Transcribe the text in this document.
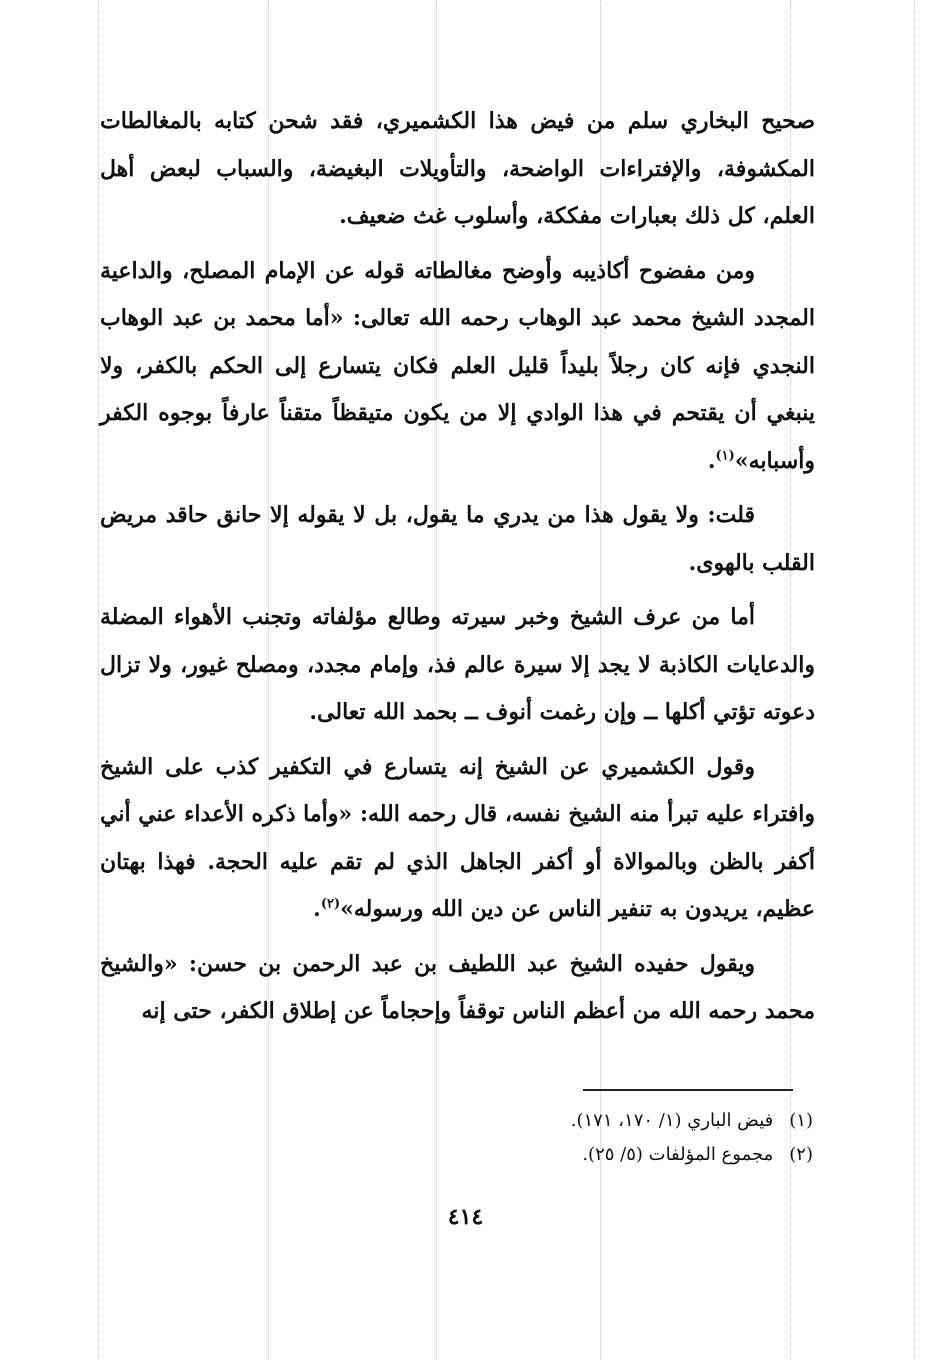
صحيح البخاري سلم من فيض هذا الكشميري، فقد شحن كتابه بالمغالطات المكشوفة، والإفتراءات الواضحة، والتأويلات البغيضة، والسباب لبعض أهل العلم، كل ذلك بعبارات مفككة، وأسلوب غث ضعيف.

ومن مفضوح أكاذيبه وأوضح مغالطاته قوله عن الإمام المصلح، والداعية المجدد الشيخ محمد عبد الوهاب رحمه الله تعالى: «أما محمد بن عبد الوهاب النجدي فإنه كان رجلاً بليداً قليل العلم فكان يتسارع إلى الحكم بالكفر، ولا ينبغي أن يقتحم في هذا الوادي إلا من يكون متيقظاً متقناً عارفاً بوجوه الكفر وأسبابه»$^{(١)}$.

قلت: ولا يقول هذا من يدري ما يقول، بل لا يقوله إلا حانق حاقد مريض القلب بالهوى.

أما من عرف الشيخ وخبر سيرته وطالع مؤلفاته وتجنب الأهواء المضلة والدعايات الكاذبة لا يجد إلا سيرة عالم فذ، وإمام مجدد، ومصلح غيور، ولا تزال دعوته تؤتي أكلها ــ وإن رغمت أنوف ــ بحمد الله تعالى.

وقول الكشميري عن الشيخ إنه يتسارع في التكفير كذب على الشيخ وافتراء عليه تبرأ منه الشيخ نفسه، قال رحمه الله: «وأما ذكره الأعداء عني أني أكفر بالظن وبالموالاة أو أكفر الجاهل الذي لم تقم عليه الحجة. فهذا بهتان عظيم، يريدون به تنفير الناس عن دين الله ورسوله»$^{(٢)}$.

ويقول حفيده الشيخ عبد اللطيف بن عبد الرحمن بن حسن: «والشيخ محمد رحمه الله من أعظم الناس توقفاً وإحجاماً عن إطلاق الكفر، حتى إنه

(١)فيض الباري (١/ ١٧٠، ١٧١).
(٢)مجموع المؤلفات (٥/ ٢٥).
٤١٤
